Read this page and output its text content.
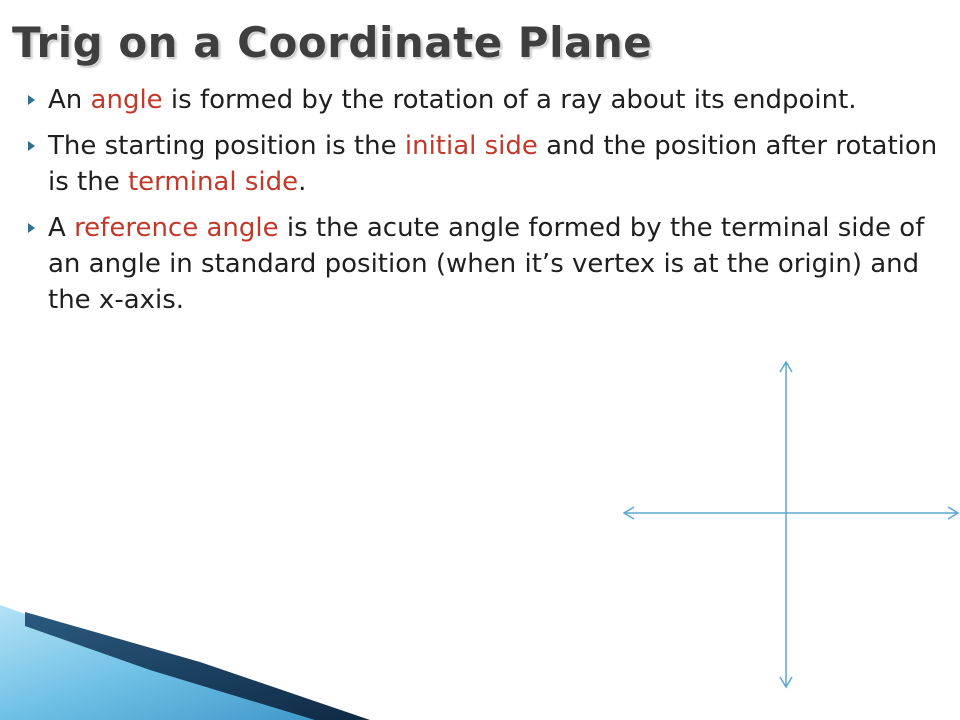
Trig on a Coordinate Plane
An angle is formed by the rotation of a ray about its endpoint.
The starting position is the initial side and the position after rotation is the terminal side.
A reference angle is the acute angle formed by the terminal side of an angle in standard position (when it’s vertex is at the origin) and the x-axis.
